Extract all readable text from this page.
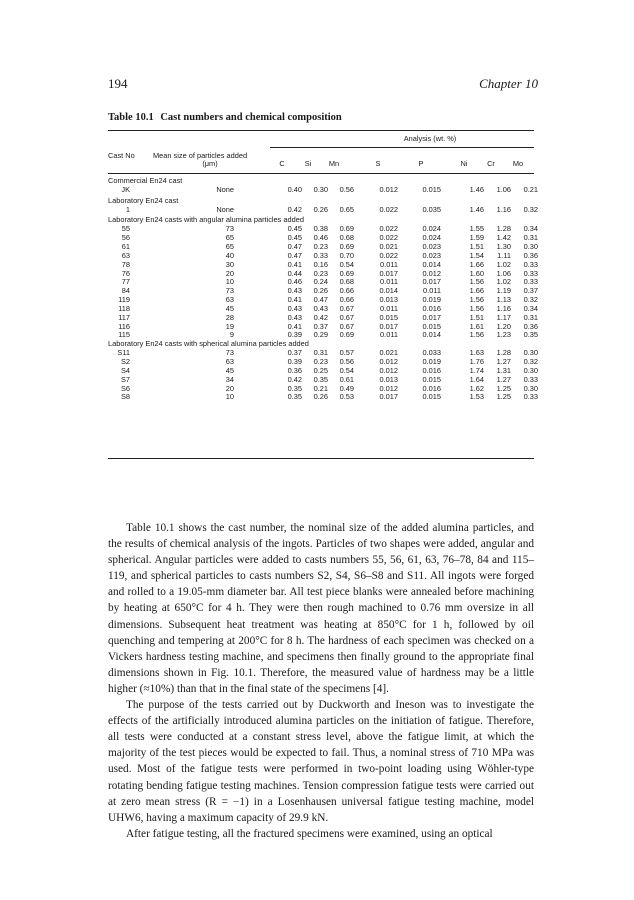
194	Chapter 10
Table 10.1 Cast numbers and chemical composition
Analysis (wt. %)
Cast No Mean size of particles added
(μm)	C	Si	Mn	S	P	Ni	Cr	Mo
Commercial En24 cast
JK	None	0.40	0.30	0.56	0.012	0.015	1.46	1.06	0.21
Laboratory En24 cast
1	None	0.42	0.26	0.65	0.022	0.035	1.46	1.16	0.32
Laboratory En24 casts with angular alumina particles added
55	73	0.45	0.38	0.69	0.022	0.024	1.55	1.28	0.34
56	65	0.45	0.46	0.68	0.022	0.024	1.59	1.42	0.31
61	65	0.47	0.23	0.69	0.021	0.023	1.51	1.30	0.30
63	40	0.47	0.33	0.70	0.022	0.023	1.54	1.11	0.36
78	30	0.41	0.16	0.54	0.011	0.014	1.66	1.02	0.33
76	20	0.44	0.23	0.69	0.017	0.012	1.60	1.06	0.33
77	10	0.46	0.24	0.68	0.011	0.017	1.56	1.02	0.33
84	73	0.43	0.26	0.66	0.014	0.011	1.66	1.19	0.37
119	63	0.41	0.47	0.66	0.013	0.019	1.56	1.13	0.32
118	45	0.43	0.43	0.67	0.011	0.016	1.56	1.16	0.34
117	28	0.43	0.42	0.67	0.015	0.017	1.51	1.17	0.31
116	19	0.41	0.37	0.67	0.017	0.015	1.61	1.20	0.36
115	9	0.39	0.29	0.69	0.011	0.014	1.56	1.23	0.35
Laboratory En24 casts with spherical alumina particles added
S11	73	0.37	0.31	0.57	0.021	0.033	1.63	1.28	0.30
S2	63	0.39	0.23	0.56	0.012	0.019	1.76	1.27	0.32
S4	45	0.36	0.25	0.54	0.012	0.016	1.74	1.31	0.30
S7	34	0.42	0.35	0.61	0.013	0.015	1.64	1.27	0.33
S6	20	0.35	0.21	0.49	0.012	0.016	1.62	1.25	0.30
S8	10	0.35	0.26	0.53	0.017	0.015	1.53	1.25	0.33

Table 10.1 shows the cast number, the nominal size of the added alumina particles, and the results of chemical analysis of the ingots. Particles of two shapes were added, angular and spherical. Angular particles were added to casts numbers 55, 56, 61, 63, 76–78, 84 and 115–119, and spherical particles to casts numbers S2, S4, S6–S8 and S11. All ingots were forged and rolled to a 19.05-mm diameter bar. All test piece blanks were annealed before machining by heating at 650°C for 4 h. They were then rough machined to 0.76 mm oversize in all dimensions. Subsequent heat treatment was heating at 850°C for 1 h, followed by oil quenching and tempering at 200°C for 8 h. The hardness of each specimen was checked on a Vickers hardness testing machine, and specimens then finally ground to the appropriate final dimensions shown in Fig. 10.1. Therefore, the measured value of hardness may be a little higher (≈10%) than that in the final state of the specimens [4].

The purpose of the tests carried out by Duckworth and Ineson was to investigate the effects of the artificially introduced alumina particles on the initiation of fatigue. Therefore, all tests were conducted at a constant stress level, above the fatigue limit, at which the majority of the test pieces would be expected to fail. Thus, a nominal stress of 710 MPa was used. Most of the fatigue tests were performed in two-point loading using Wöhler-type rotating bending fatigue testing machines. Tension compression fatigue tests were carried out at zero mean stress (R = −1) in a Losenhausen universal fatigue testing machine, model UHW6, having a maximum capacity of 29.9 kN.

After fatigue testing, all the fractured specimens were examined, using an optical
